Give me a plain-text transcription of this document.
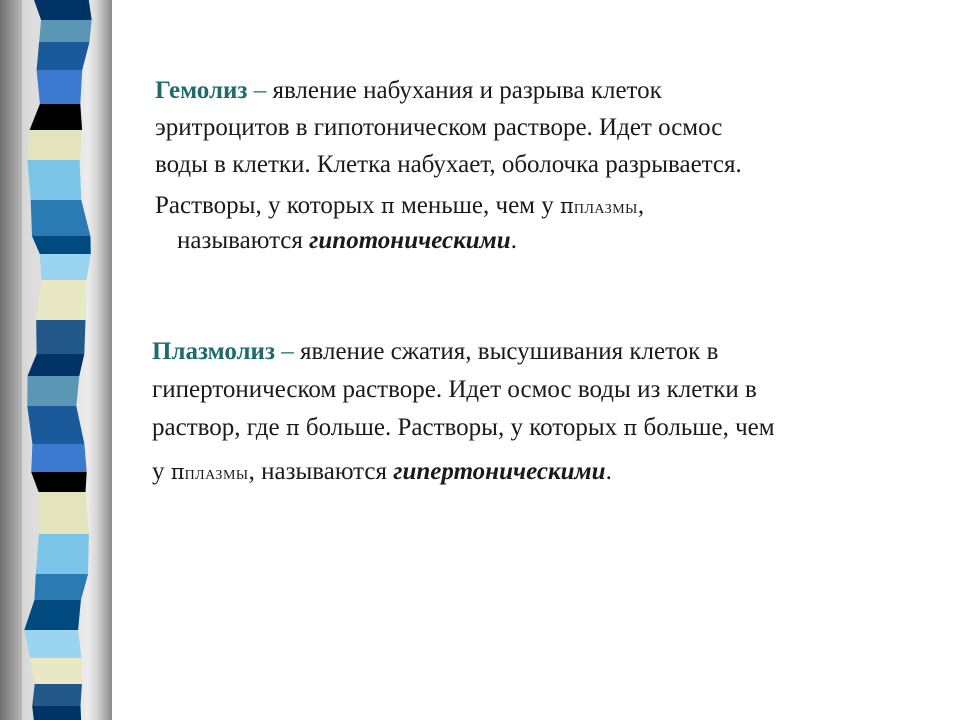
Гемолиз – явление набухания и разрыва клеток

эритроцитов в гипотоническом растворе. Идет осмос

воды в клетки. Клетка набухает, оболочка разрывается.

Растворы, у которых π меньше, чем у πПЛАЗМЫ,

называются гипотоническими.

Плазмолиз – явление сжатия, высушивания клеток в

гипертоническом растворе. Идет осмос воды из клетки в

раствор, где π больше. Растворы, у которых π больше, чем

у πПЛАЗМЫ, называются гипертоническими.
